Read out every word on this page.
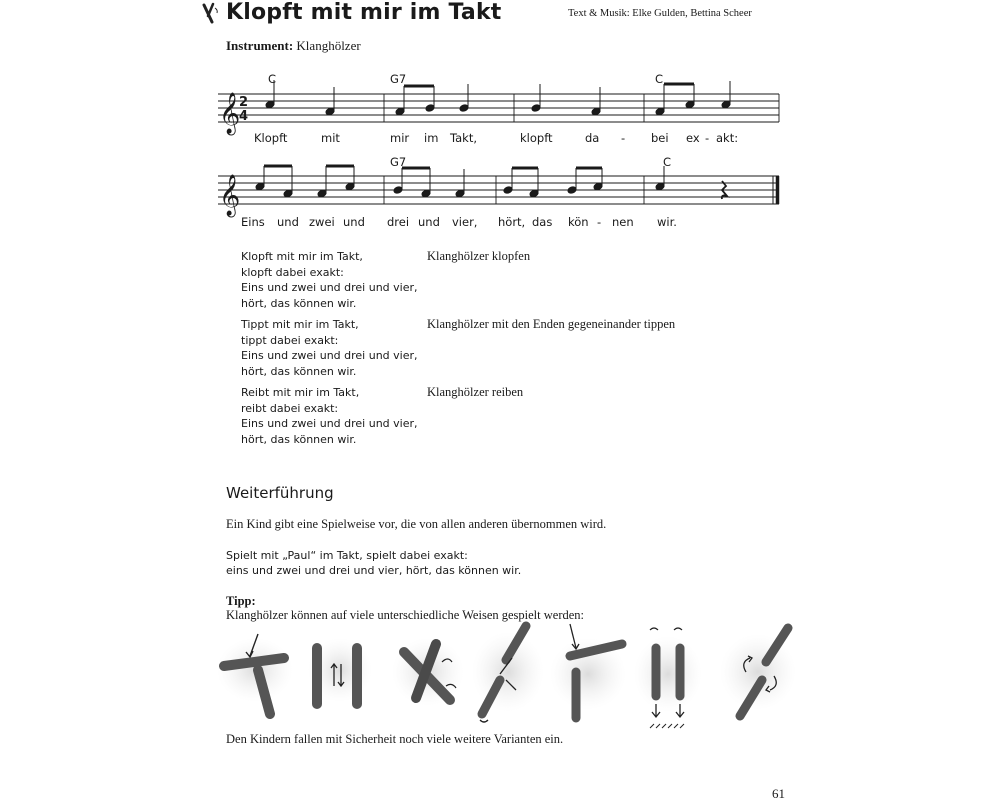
Klopft mit mir im Takt	Text & Musik: Elke Gulden, Bettina Scheer
Instrument: Klanghölzer
𝄞
2
4
𝄞
C	G7	C
G7	C
Klopft	mit	mir im Takt,	klopft	da - bei ex - akt:
Eins und zwei und drei und vier, hört, das kön - nen wir.
Klopft mit mir im Takt,
klopft dabei exakt:
Eins und zwei und drei und vier,
hört, das können wir.
Klanghölzer klopfen
Tippt mit mir im Takt,
tippt dabei exakt:
Eins und zwei und drei und vier,
hört, das können wir.
Klanghölzer mit den Enden gegeneinander tippen
Reibt mit mir im Takt,
reibt dabei exakt:
Eins und zwei und drei und vier,
hört, das können wir.
Klanghölzer reiben
Weiterführung
Ein Kind gibt eine Spielweise vor, die von allen anderen übernommen wird.
Spielt mit „Paul“ im Takt, spielt dabei exakt:
eins und zwei und drei und vier, hört, das können wir.
Tipp:
Klanghölzer können auf viele unterschiedliche Weisen gespielt werden:
Den Kindern fallen mit Sicherheit noch viele weitere Varianten ein.
61
